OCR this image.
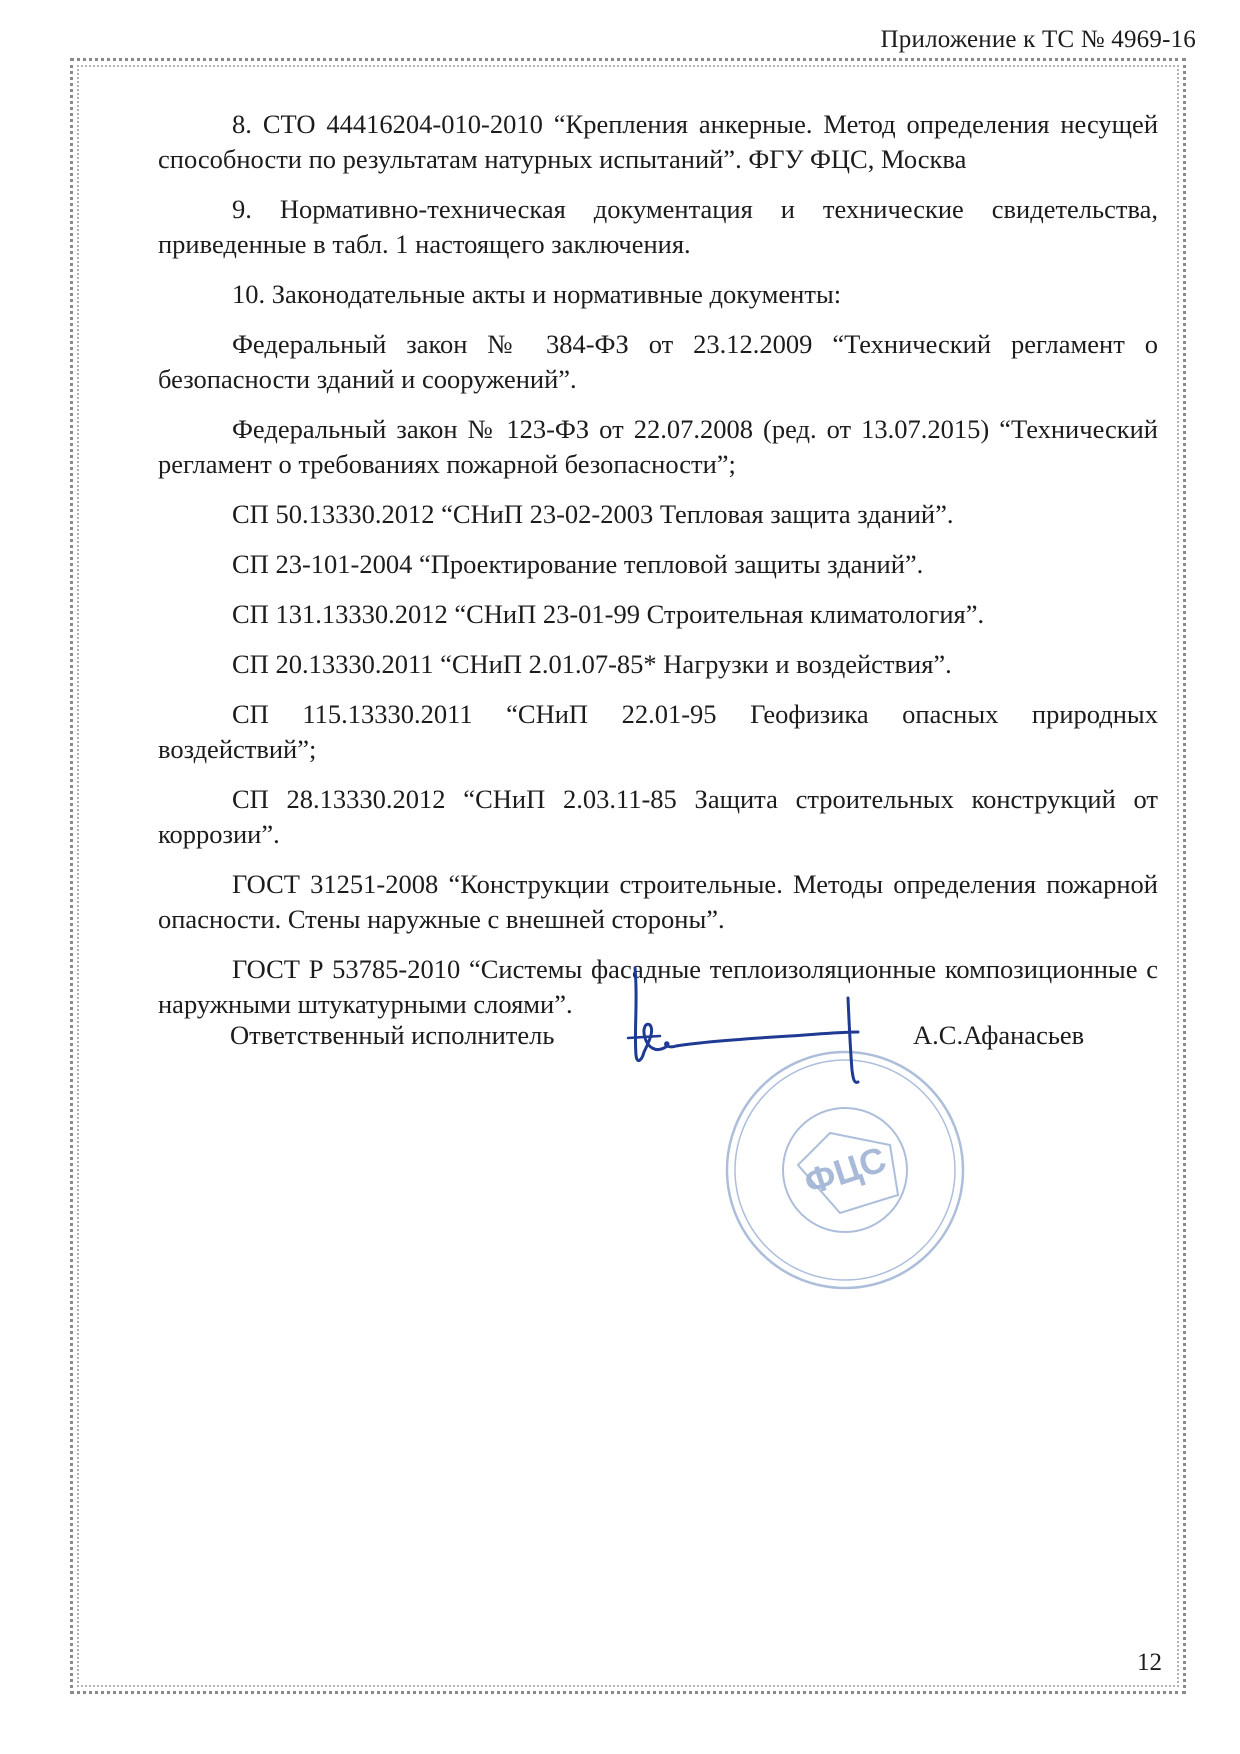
Приложение к ТС № 4969-16

8. СТО 44416204-010-2010 “Крепления анкерные. Метод определения несущей способности по результатам натурных испытаний”. ФГУ ФЦС, Москва

9. Нормативно-техническая документация и технические свидетельства, приведенные в табл. 1 настоящего заключения.

10. Законодательные акты и нормативные документы:

Федеральный закон № 384-ФЗ от 23.12.2009 “Технический регламент о безопасности зданий и сооружений”.

Федеральный закон № 123-ФЗ от 22.07.2008 (ред. от 13.07.2015) “Технический регламент о требованиях пожарной безопасности”;

СП 50.13330.2012 “СНиП 23-02-2003 Тепловая защита зданий”.

СП 23-101-2004 “Проектирование тепловой защиты зданий”.

СП 131.13330.2012 “СНиП 23-01-99 Строительная климатология”.

СП 20.13330.2011 “СНиП 2.01.07-85* Нагрузки и воздействия”.

СП 115.13330.2011 “СНиП 22.01-95 Геофизика опасных природных воздействий”;

СП 28.13330.2012 “СНиП 2.03.11-85 Защита строительных конструкций от коррозии”.

ГОСТ 31251-2008 “Конструкции строительные. Методы определения пожарной опасности. Стены наружные с внешней стороны”.

ГОСТ Р 53785-2010 “Системы фасадные теплоизоляционные композиционные с наружными штукатурными слоями”.

Ответственный исполнитель	А.С.Афанасьев
ФЦС
12
